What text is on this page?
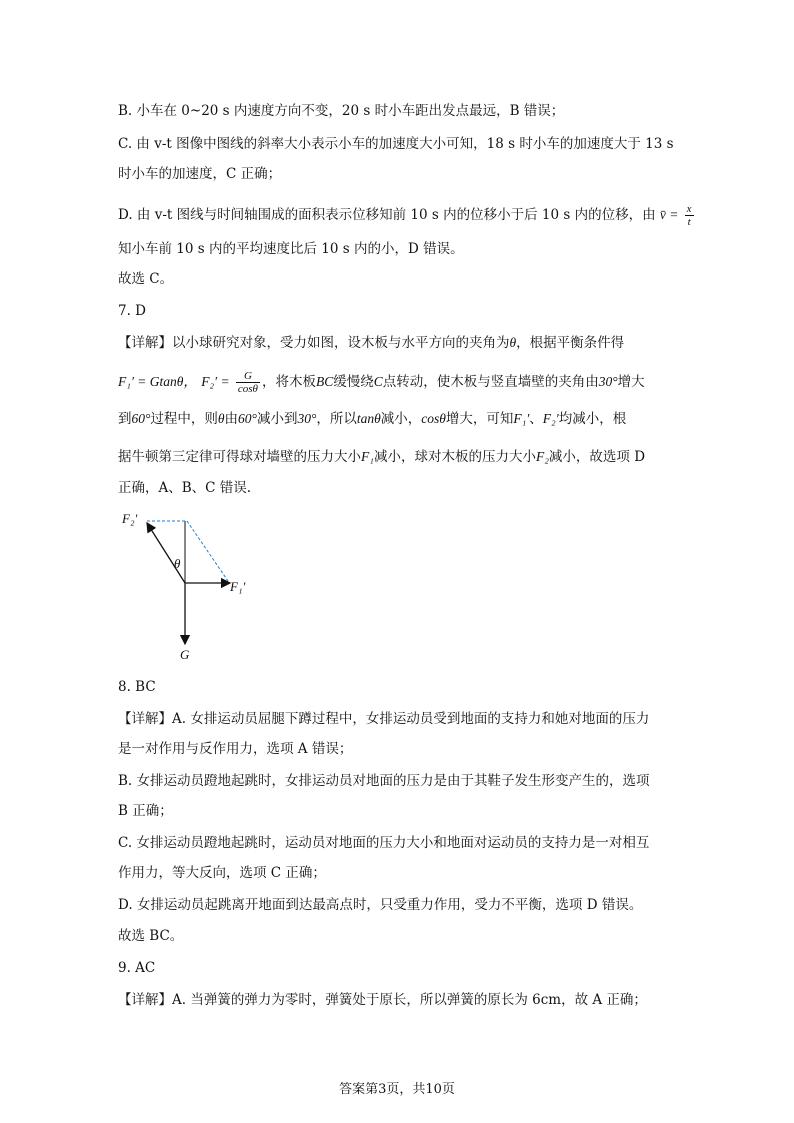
B. 小车在 0~20 s 内速度方向不变，20 s 时小车距出发点最远，B 错误；
C. 由 v-t 图像中图线的斜率大小表示小车的加速度大小可知，18 s 时小车的加速度大于 13 s
时小车的加速度，C 正确；
D. 由 v-t 图线与时间轴围成的面积表示位移知前 10 s 内的位移小于后 10 s 内的位移，由 v̄ = $\frac{x}{t}$
知小车前 10 s 内的平均速度比后 10 s 内的小，D 错误。
故选 C。
7. D
【详解】以小球研究对象，受力如图，设木板与水平方向的夹角为θ，根据平衡条件得
F₁′ = Gtanθ， $F_2' = \frac{G}{\cos\theta}$ ，将木板BC缓慢绕C点转动，使木板与竖直墙壁的夹角由30°增大
到60°过程中，则θ由60°减小到30°，所以tanθ减小，cosθ增大，可知F₁′、F₂′均减小，根
据牛顿第三定律可得球对墙壁的压力大小F₁减小，球对木板的压力大小F₂减小，故选项 D
正确，A、B、C 错误.
F₂′
θ
F₁′
G
8. BC
【详解】A. 女排运动员屈腿下蹲过程中，女排运动员受到地面的支持力和她对地面的压力
是一对作用与反作用力，选项 A 错误；
B. 女排运动员蹬地起跳时，女排运动员对地面的压力是由于其鞋子发生形变产生的，选项
B 正确；
C. 女排运动员蹬地起跳时，运动员对地面的压力大小和地面对运动员的支持力是一对相互
作用力，等大反向，选项 C 正确；
D. 女排运动员起跳离开地面到达最高点时，只受重力作用，受力不平衡，选项 D 错误。
故选 BC。
9. AC
【详解】A. 当弹簧的弹力为零时，弹簧处于原长，所以弹簧的原长为 6cm，故 A 正确；
答案第3页，共10页
